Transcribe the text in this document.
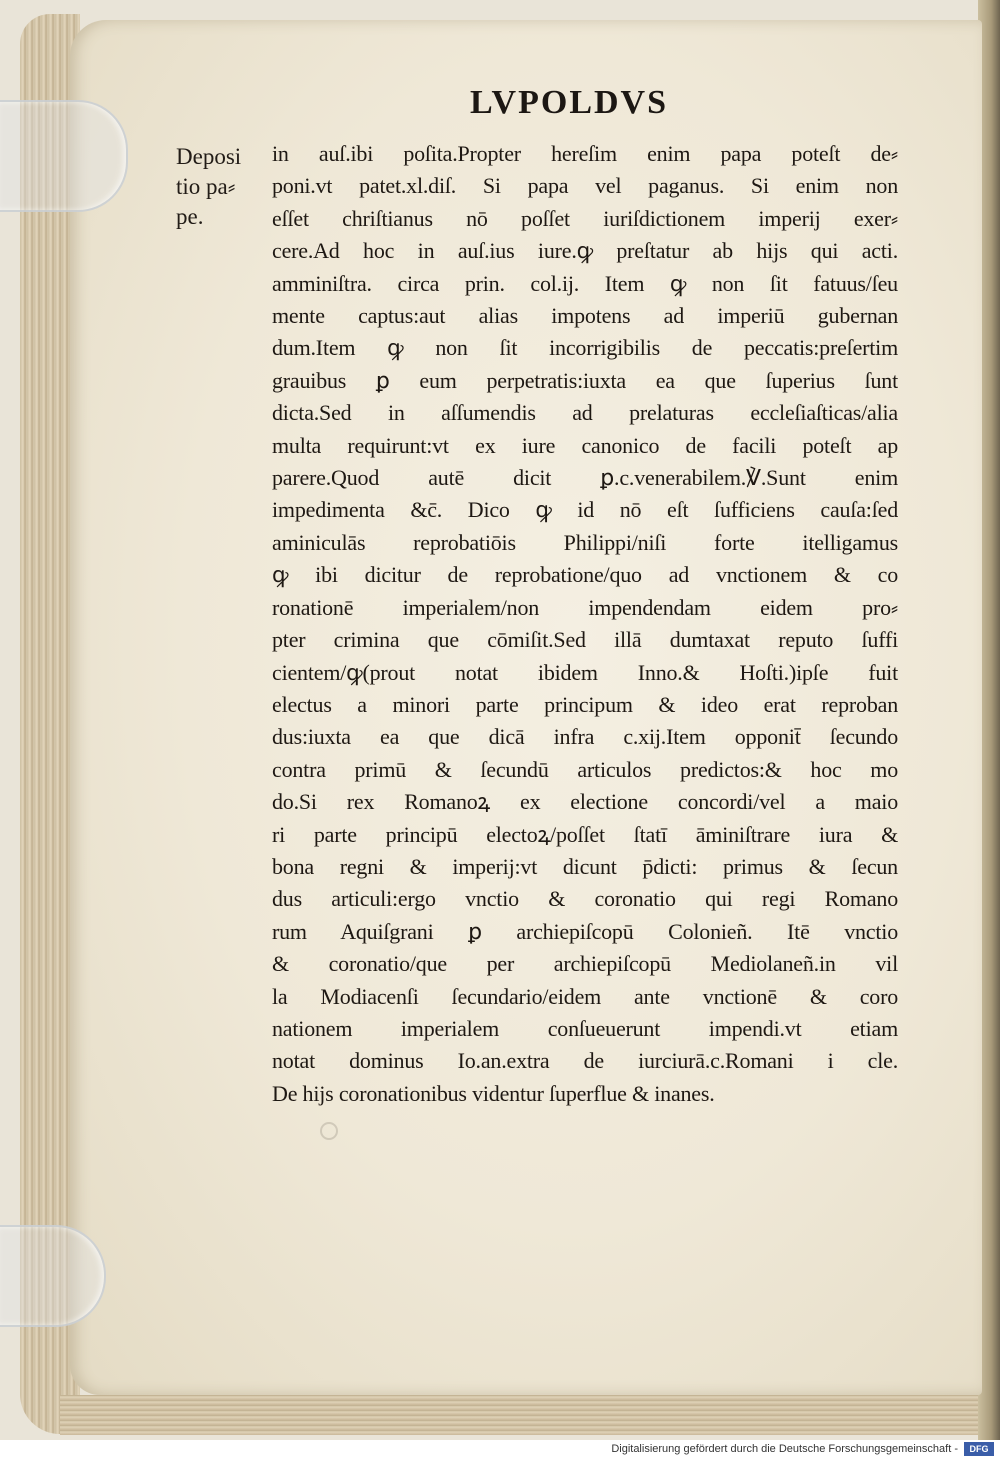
LVPOLDVS
Deposi
tio pa⸗
pe.
in auſ.ibi poſita.Propter hereſim enim papa poteſt de⸗
poni.vt patet.xl.diſ. Si papa vel paganus. Si enim non
eſſet chriſtianus nō poſſet iuriſdictionem imperij exer⸗
cere.Ad hoc in auſ.ius iure.ꝙ preſtatur ab hijs qui acti.
amminiſtra. circa prin. col.ij. Item ꝙ non ſit fatuus/ſeu
mente captus:aut alias impotens ad imperiū gubernan
dum.Item ꝙ non ſit incorrigibilis de peccatis:preſertim
grauibus ꝑ eum perpetratis:iuxta ea que ſuperius ſunt
dicta.Sed in aſſumendis ad prelaturas eccleſiaſticas/alia
multa requirunt:vt ex iure canonico de facili poteſt ap
parere.Quod autē dicit ꝑ.c.venerabilem.℣.Sunt enim
impedimenta &c̄. Dico ꝙ id nō eſt ſufficiens cauſa:ſed
aminiculās reprobatiōis Philippi/niſi forte itelligamus
ꝙ ibi dicitur de reprobatione/quo ad vnctionem & co
ronationē imperialem/non impendendam eidem pro⸗
pter crimina que cōmiſit.Sed illā dumtaxat reputo ſuffi
cientem/ꝙ(prout notat ibidem Inno.& Hoſti.)ipſe fuit
electus a minori parte principum & ideo erat reproban
dus:iuxta ea que dicā infra c.xij.Item opponit̄ ſecundo
contra primū & ſecundū articulos predictos:& hoc mo
do.Si rex Romanoꝝ ex electione concordi/vel a maio
ri parte principū electoꝝ/poſſet ſtatī āminiſtrare iura &
bona regni & imperij:vt dicunt p̄dicti: primus & ſecun
dus articuli:ergo vnctio & coronatio qui regi Romano
rum Aquiſgrani ꝑ archiepiſcopū Colonieñ. Itē vnctio
& coronatio/que per archiepiſcopū Mediolaneñ.in vil
la Modiacenſi ſecundario/eidem ante vnctionē & coro
nationem imperialem conſueuerunt impendi.vt etiam
notat dominus Io.an.extra de iurciurā.c.Romani i cle.
De hijs coronationibus videntur ſuperflue & inanes.
Digitalisierung gefördert durch die Deutsche Forschungsgemeinschaft -	DFG
